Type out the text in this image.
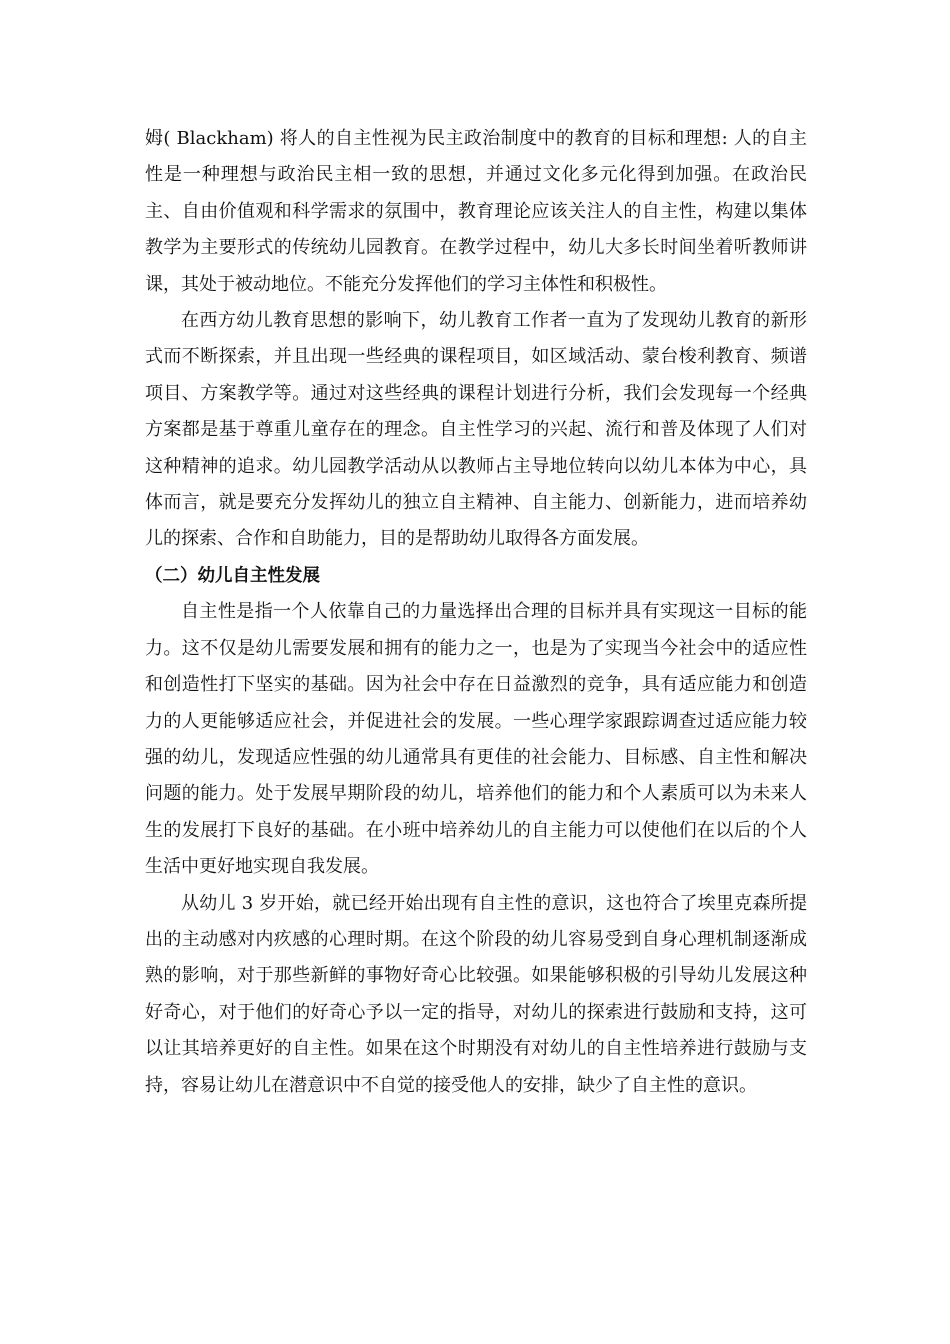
姆( Blackham) 将人的自主性视为民主政治制度中的教育的目标和理想: 人的自主性是一种理想与政治民主相一致的思想，并通过文化多元化得到加强。在政治民主、自由价值观和科学需求的氛围中，教育理论应该关注人的自主性，构建以集体教学为主要形式的传统幼儿园教育。在教学过程中，幼儿大多长时间坐着听教师讲课，其处于被动地位。不能充分发挥他们的学习主体性和积极性。

在西方幼儿教育思想的影响下，幼儿教育工作者一直为了发现幼儿教育的新形式而不断探索，并且出现一些经典的课程项目，如区域活动、蒙台梭利教育、频谱项目、方案教学等。通过对这些经典的课程计划进行分析，我们会发现每一个经典方案都是基于尊重儿童存在的理念。自主性学习的兴起、流行和普及体现了人们对这种精神的追求。幼儿园教学活动从以教师占主导地位转向以幼儿本体为中心，具体而言，就是要充分发挥幼儿的独立自主精神、自主能力、创新能力，进而培养幼儿的探索、合作和自助能力，目的是帮助幼儿取得各方面发展。

（二）幼儿自主性发展

自主性是指一个人依靠自己的力量选择出合理的目标并具有实现这一目标的能力。这不仅是幼儿需要发展和拥有的能力之一，也是为了实现当今社会中的适应性和创造性打下坚实的基础。因为社会中存在日益激烈的竞争，具有适应能力和创造力的人更能够适应社会，并促进社会的发展。一些心理学家跟踪调查过适应能力较强的幼儿，发现适应性强的幼儿通常具有更佳的社会能力、目标感、自主性和解决问题的能力。处于发展早期阶段的幼儿，培养他们的能力和个人素质可以为未来人生的发展打下良好的基础。在小班中培养幼儿的自主能力可以使他们在以后的个人生活中更好地实现自我发展。

从幼儿 3 岁开始，就已经开始出现有自主性的意识，这也符合了埃里克森所提出的主动感对内疚感的心理时期。在这个阶段的幼儿容易受到自身心理机制逐渐成熟的影响，对于那些新鲜的事物好奇心比较强。如果能够积极的引导幼儿发展这种好奇心，对于他们的好奇心予以一定的指导，对幼儿的探索进行鼓励和支持，这可以让其培养更好的自主性。如果在这个时期没有对幼儿的自主性培养进行鼓励与支持，容易让幼儿在潜意识中不自觉的接受他人的安排，缺少了自主性的意识。
